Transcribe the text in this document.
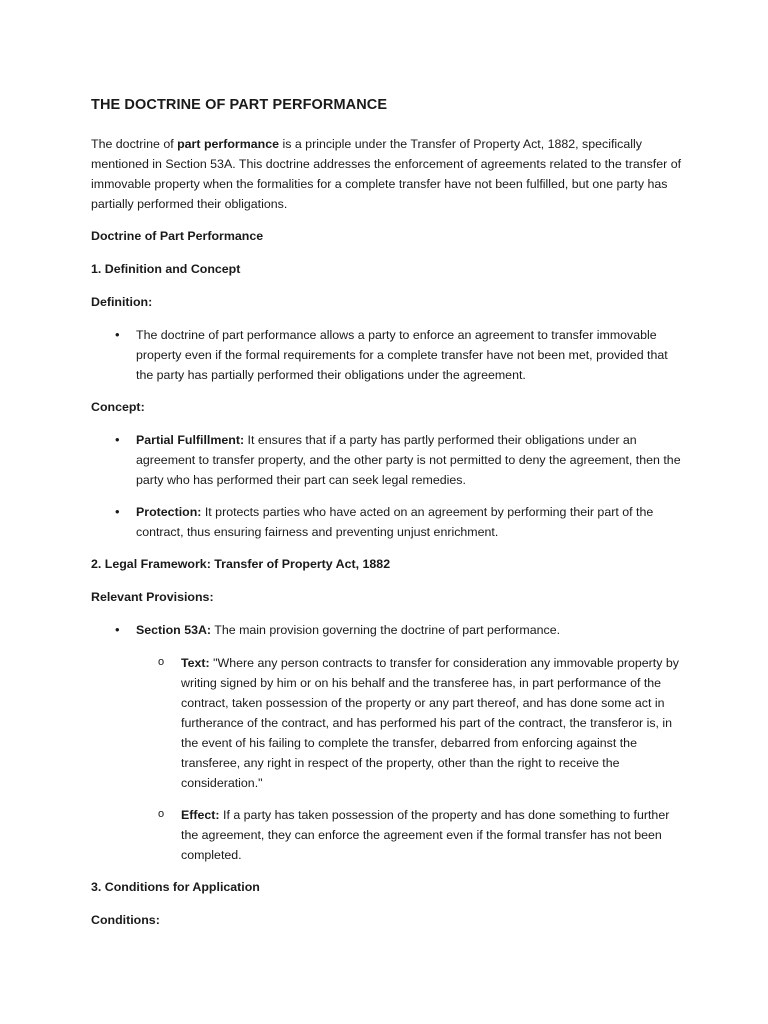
THE DOCTRINE OF PART PERFORMANCE

The doctrine of part performance is a principle under the Transfer of Property Act, 1882, specifically mentioned in Section 53A. This doctrine addresses the enforcement of agreements related to the transfer of immovable property when the formalities for a complete transfer have not been fulfilled, but one party has partially performed their obligations.

Doctrine of Part Performance
1. Definition and Concept
Definition:
• The doctrine of part performance allows a party to enforce an agreement to transfer immovable property even if the formal requirements for a complete transfer have not been met, provided that the party has partially performed their obligations under the agreement.
Concept:
• Partial Fulfillment: It ensures that if a party has partly performed their obligations under an agreement to transfer property, and the other party is not permitted to deny the agreement, then the party who has performed their part can seek legal remedies.
• Protection: It protects parties who have acted on an agreement by performing their part of the contract, thus ensuring fairness and preventing unjust enrichment.
2. Legal Framework: Transfer of Property Act, 1882
Relevant Provisions:
• Section 53A: The main provision governing the doctrine of part performance.
o Text: "Where any person contracts to transfer for consideration any immovable property by writing signed by him or on his behalf and the transferee has, in part performance of the contract, taken possession of the property or any part thereof, and has done some act in furtherance of the contract, and has performed his part of the contract, the transferor is, in the event of his failing to complete the transfer, debarred from enforcing against the transferee, any right in respect of the property, other than the right to receive the consideration."
o Effect: If a party has taken possession of the property and has done something to further the agreement, they can enforce the agreement even if the formal transfer has not been completed.
3. Conditions for Application
Conditions:
